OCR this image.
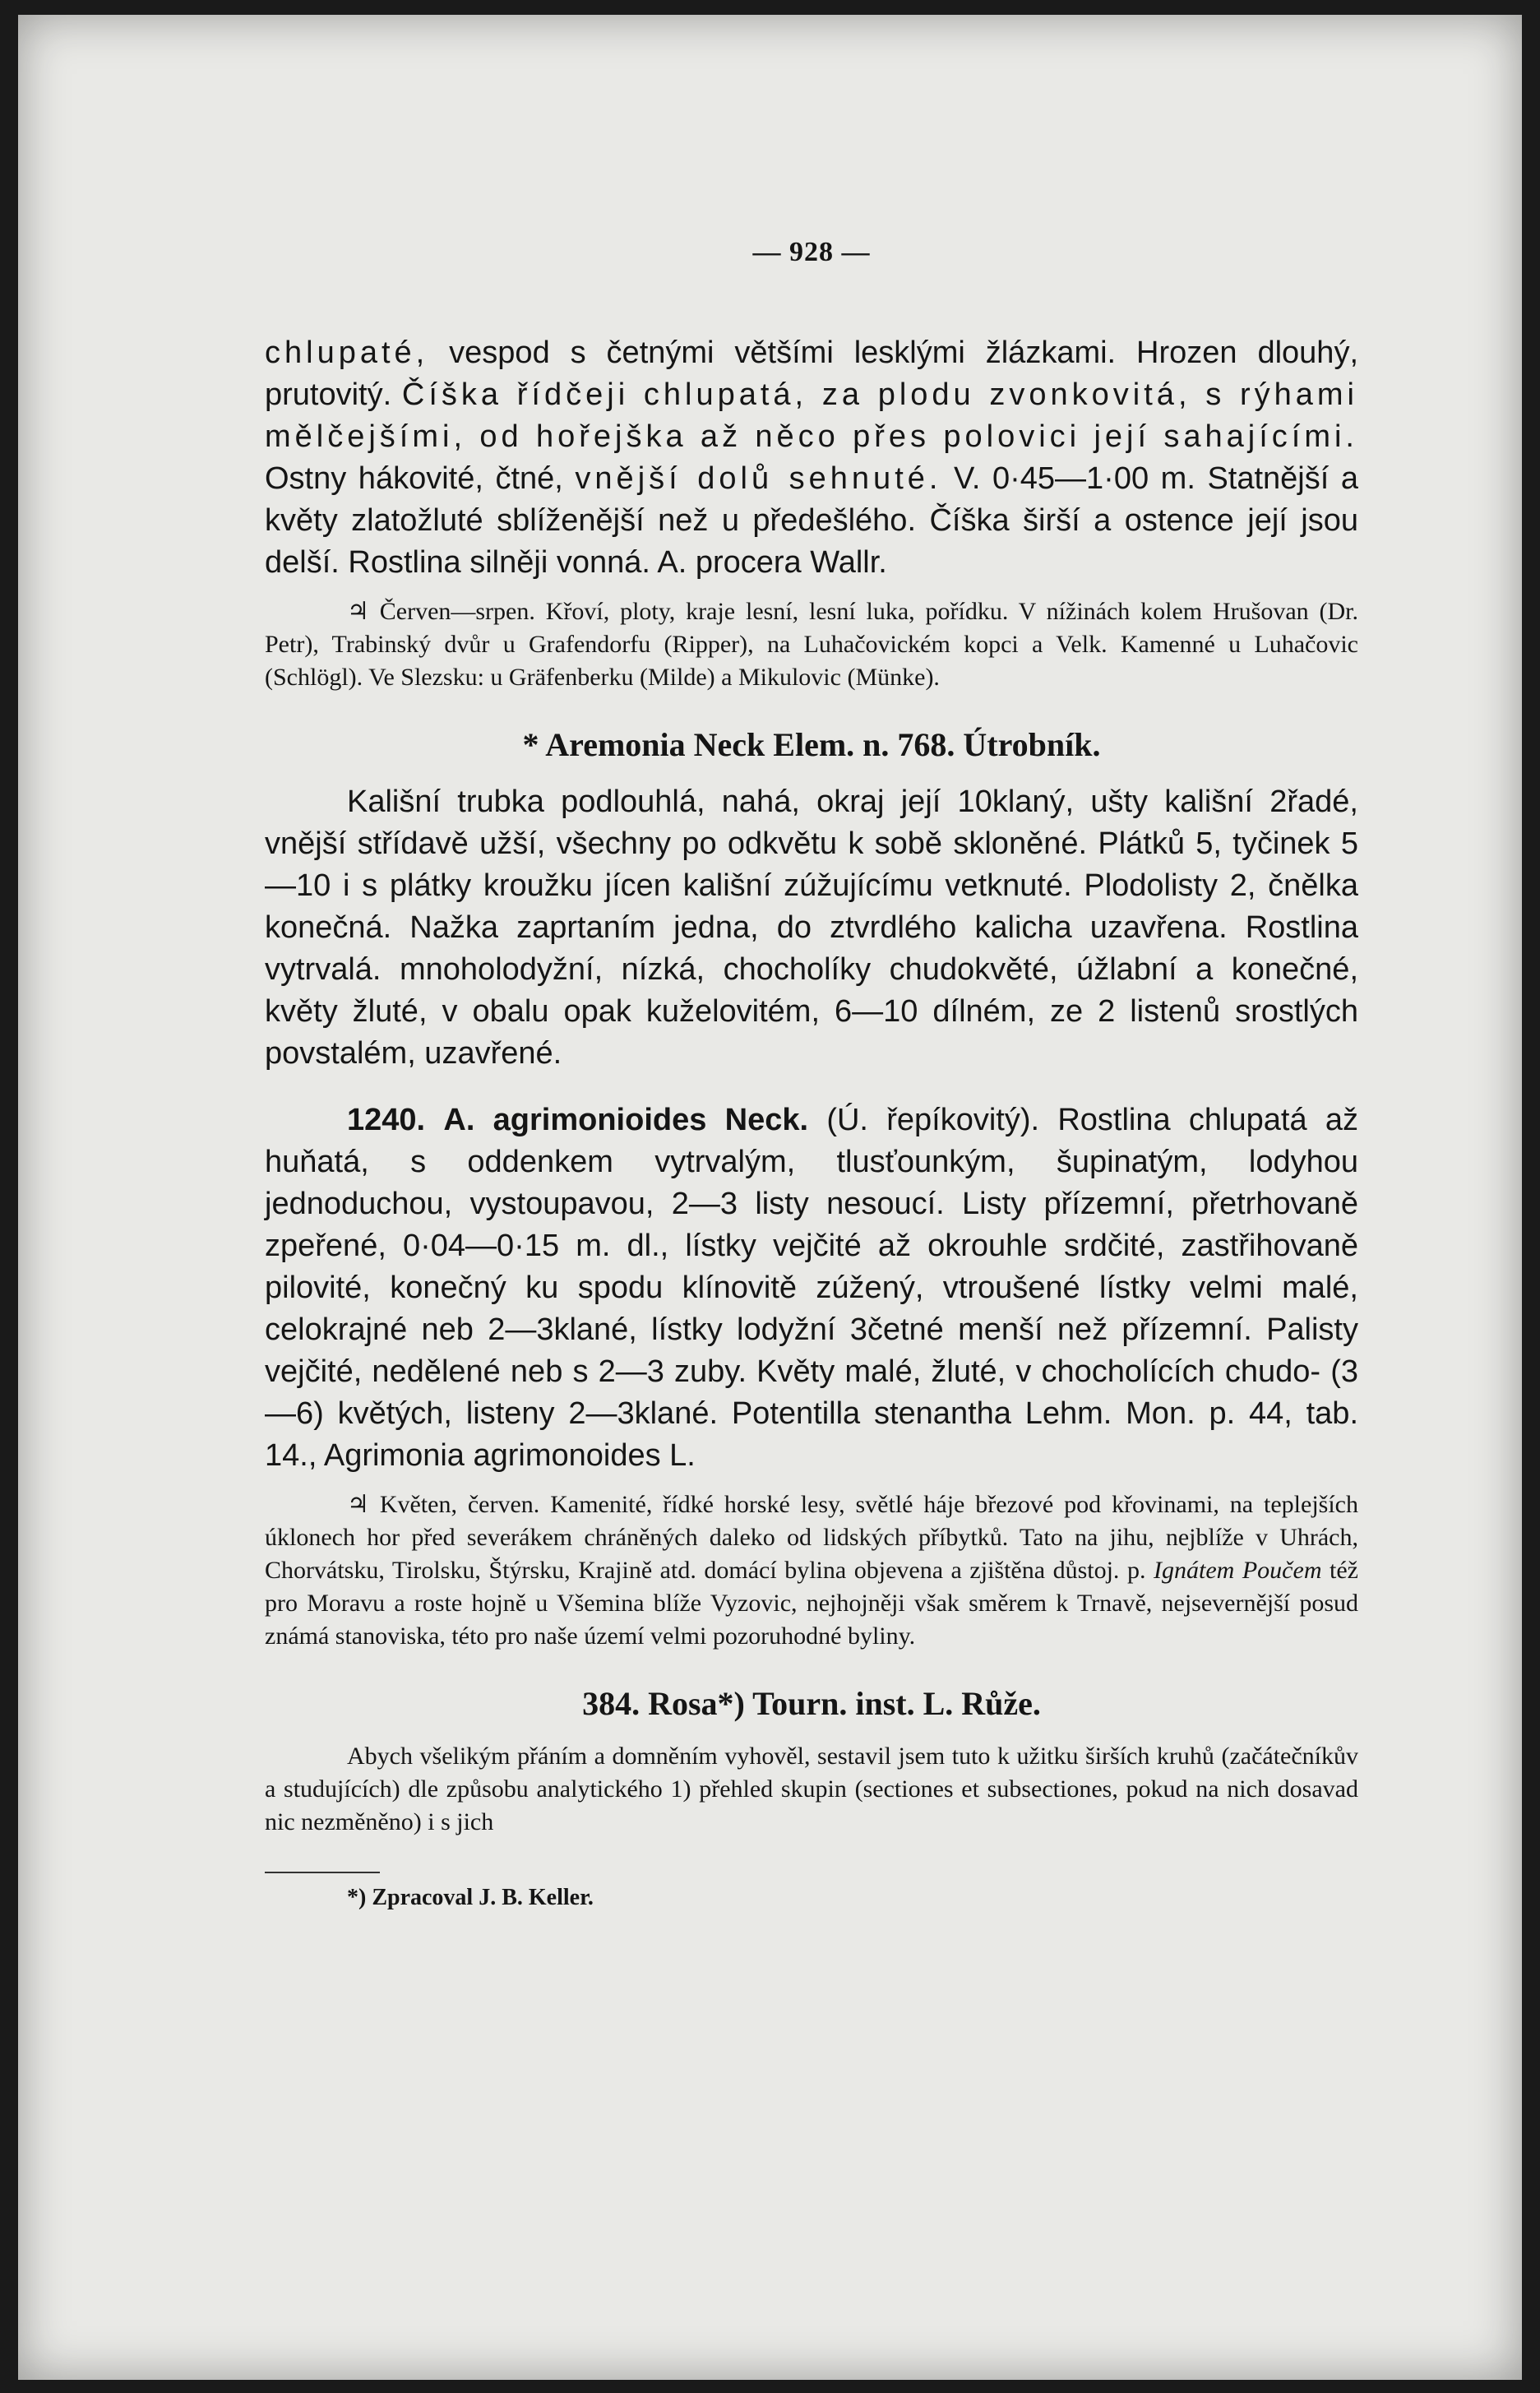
— 928 —

chlupaté, vespod s četnými většími lesklými žlázkami. Hrozen dlouhý, prutovitý. Číška řídčeji chlupatá, za plodu zvonkovitá, s rýhami mělčejšími, od hořejška až něco přes polovici její sahajícími. Ostny hákovité, čtné, vnější dolů sehnuté. V. 0·45—1·00 m. Statnější a květy zlatožluté sblíženější než u předešlého. Číška širší a ostence její jsou delší. Rostlina silněji vonná. A. procera Wallr.

♃ Červen—srpen. Křoví, ploty, kraje lesní, lesní luka, pořídku. V nížinách kolem Hrušovan (Dr. Petr), Trabinský dvůr u Grafendorfu (Ripper), na Luhačovickém kopci a Velk. Kamenné u Luhačovic (Schlögl). Ve Slezsku: u Gräfenberku (Milde) a Mikulovic (Münke).

* Aremonia Neck Elem. n. 768. Útrobník.

Kališní trubka podlouhlá, nahá, okraj její 10klaný, ušty kališní 2řadé, vnější střídavě užší, všechny po odkvětu k sobě skloněné. Plátků 5, tyčinek 5—10 i s plátky kroužku jícen kališní zúžujícímu vetknuté. Plodolisty 2, čnělka konečná. Nažka zaprtaním jedna, do ztvrdlého kalicha uzavřena. Rostlina vytrvalá. mnoholodyžní, nízká, chocholíky chudokvěté, úžlabní a konečné, květy žluté, v obalu opak kuželovitém, 6—10 dílném, ze 2 listenů srostlých povstalém, uzavřené.

1240. A. agrimonioides Neck. (Ú. řepíkovitý). Rostlina chlupatá až huňatá, s oddenkem vytrvalým, tlusťounkým, šupinatým, lodyhou jednoduchou, vystoupavou, 2—3 listy nesoucí. Listy přízemní, přetrhovaně zpeřené, 0·04—0·15 m. dl., lístky vejčité až okrouhle srdčité, zastřihovaně pilovité, konečný ku spodu klínovitě zúžený, vtroušené lístky velmi malé, celokrajné neb 2—3klané, lístky lodyžní 3četné menší než přízemní. Palisty vejčité, nedělené neb s 2—3 zuby. Květy malé, žluté, v chocholících chudo- (3—6) květých, listeny 2—3klané. Potentilla stenantha Lehm. Mon. p. 44, tab. 14., Agrimonia agrimonoides L.

♃ Květen, červen. Kamenité, řídké horské lesy, světlé háje březové pod křovinami, na teplejších úklonech hor před severákem chráněných daleko od lidských příbytků. Tato na jihu, nejblíže v Uhrách, Chorvátsku, Tirolsku, Štýrsku, Krajině atd. domácí bylina objevena a zjištěna důstoj. p. Ignátem Poučem též pro Moravu a roste hojně u Všemina blíže Vyzovic, nejhojněji však směrem k Trnavě, nejsevernější posud známá stanoviska, této pro naše území velmi pozoruhodné byliny.

384. Rosa*) Tourn. inst. L. Růže.

Abych všelikým přáním a domněním vyhověl, sestavil jsem tuto k užitku širších kruhů (začátečníkův a studujících) dle způsobu analytického 1) přehled skupin (sectiones et subsectiones, pokud na nich dosavad nic nezměněno) i s jich

*) Zpracoval J. B. Keller.
